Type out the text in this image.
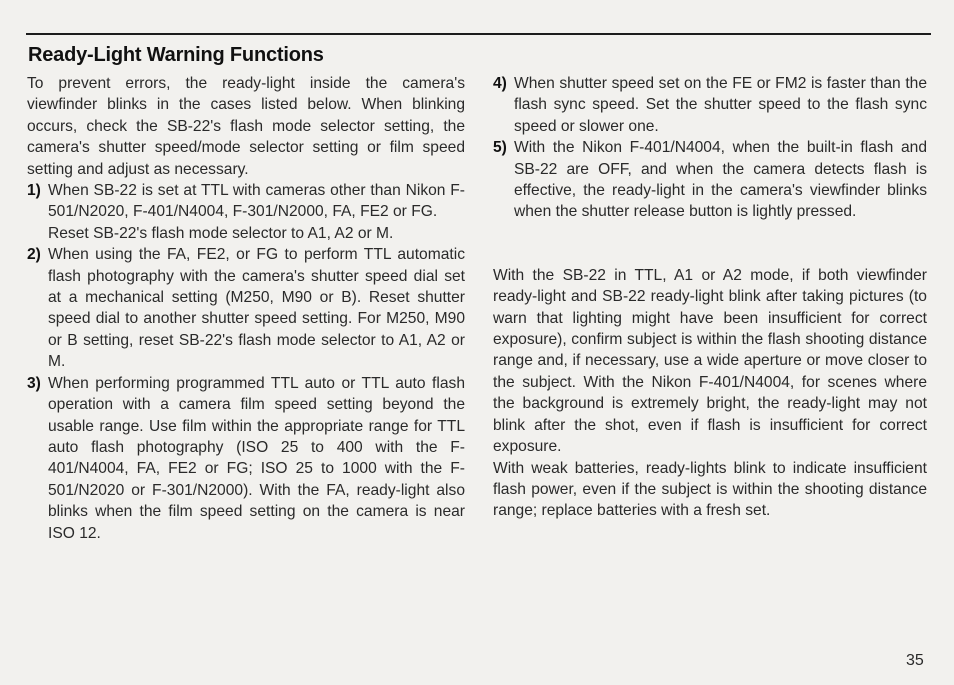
Ready-Light Warning Functions

To prevent errors, the ready-light inside the camera's viewfinder blinks in the cases listed below. When blinking occurs, check the SB-22's flash mode selector setting, the camera's shutter speed/mode selector setting or film speed setting and adjust as necessary.

1) When SB-22 is set at TTL with cameras other than Nikon F-501/N2020, F-401/N4004, F-301/N2000, FA, FE2 or FG.

Reset SB-22's flash mode selector to A1, A2 or M.

2) When using the FA, FE2, or FG to perform TTL automatic flash photography with the camera's shutter speed dial set at a mechanical setting (M250, M90 or B). Reset shutter speed dial to another shutter speed setting. For M250, M90 or B setting, reset SB-22's flash mode selector to A1, A2 or M.
3) When performing programmed TTL auto or TTL auto flash operation with a camera film speed setting beyond the usable range. Use film within the appropriate range for TTL auto flash photography (ISO 25 to 400 with the F-401/N4004, FA, FE2 or FG; ISO 25 to 1000 with the F-501/N2020 or F-301/N2000). With the FA, ready-light also blinks when the film speed setting on the camera is near ISO 12.
4) When shutter speed set on the FE or FM2 is faster than the flash sync speed. Set the shutter speed to the flash sync speed or slower one.
5) With the Nikon F-401/N4004, when the built-in flash and SB-22 are OFF, and when the camera detects flash is effective, the ready-light in the camera's viewfinder blinks when the shutter release button is lightly pressed.

With the SB-22 in TTL, A1 or A2 mode, if both viewfinder ready-light and SB-22 ready-light blink after taking pictures (to warn that lighting might have been insufficient for correct exposure), confirm subject is within the flash shooting distance range and, if necessary, use a wide aperture or move closer to the subject. With the Nikon F-401/N4004, for scenes where the background is extremely bright, the ready-light may not blink after the shot, even if flash is insufficient for correct exposure.

With weak batteries, ready-lights blink to indicate insufficient flash power, even if the subject is within the shooting distance range; replace batteries with a fresh set.

35
